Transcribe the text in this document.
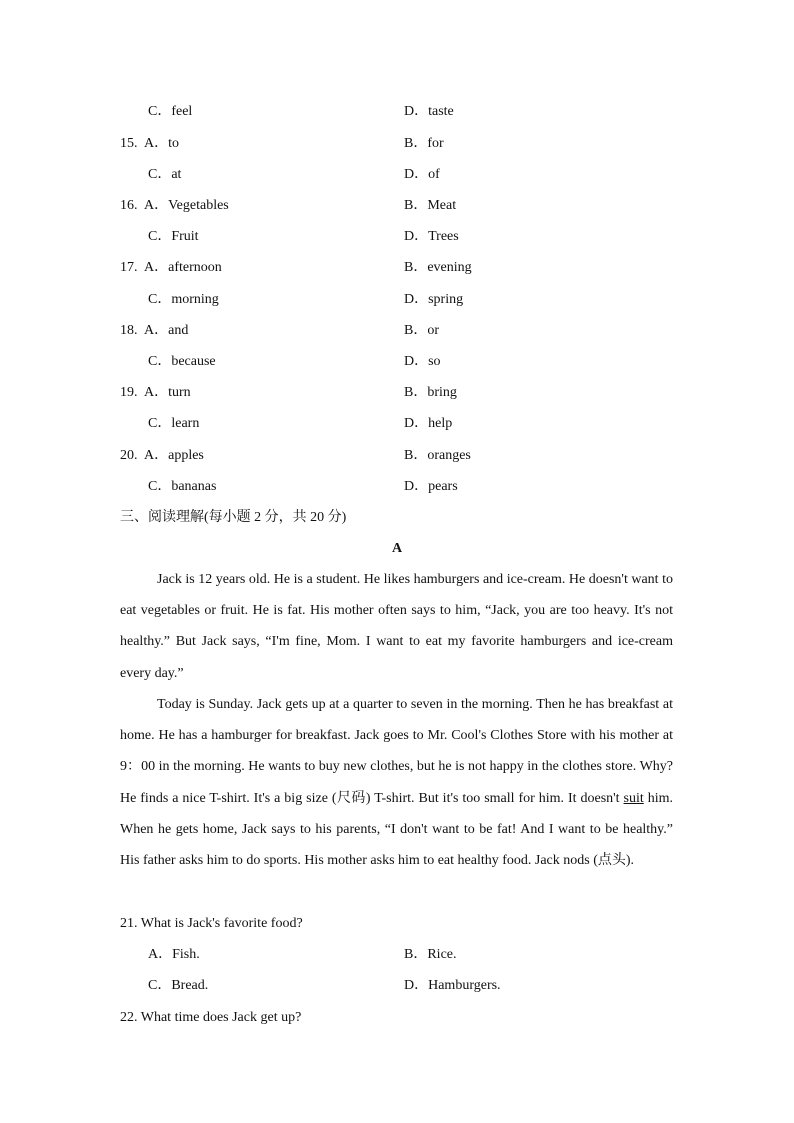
C．feel	D．taste
15. A．to	B．for
C．at	D．of
16. A．Vegetables	B．Meat
C．Fruit	D．Trees
17. A．afternoon	B．evening
C．morning	D．spring
18. A．and	B．or
C．because	D．so
19. A．turn	B．bring
C．learn	D．help
20. A．apples	B．oranges
C．bananas	D．pears
三、阅读理解(每小题 2 分，共 20 分)
A
Jack is 12 years old. He is a student. He likes hamburgers and ice-cream. He doesn't want to eat vegetables or fruit. He is fat. His mother often says to him, “Jack, you are too heavy. It's not healthy.” But Jack says, “I'm fine, Mom. I want to eat my favorite hamburgers and ice-cream every day.”
Today is Sunday. Jack gets up at a quarter to seven in the morning. Then he has breakfast at home. He has a hamburger for breakfast. Jack goes to Mr. Cool's Clothes Store with his mother at 9：00 in the morning. He wants to buy new clothes, but he is not happy in the clothes store. Why? He finds a nice T-shirt. It's a big size (尺码) T-shirt. But it's too small for him. It doesn't suit him. When he gets home, Jack says to his parents, “I don't want to be fat! And I want to be healthy.” His father asks him to do sports. His mother asks him to eat healthy food. Jack nods (点头).
21. What is Jack's favorite food?
A．Fish.	B．Rice.
C．Bread.	D．Hamburgers.
22. What time does Jack get up?
